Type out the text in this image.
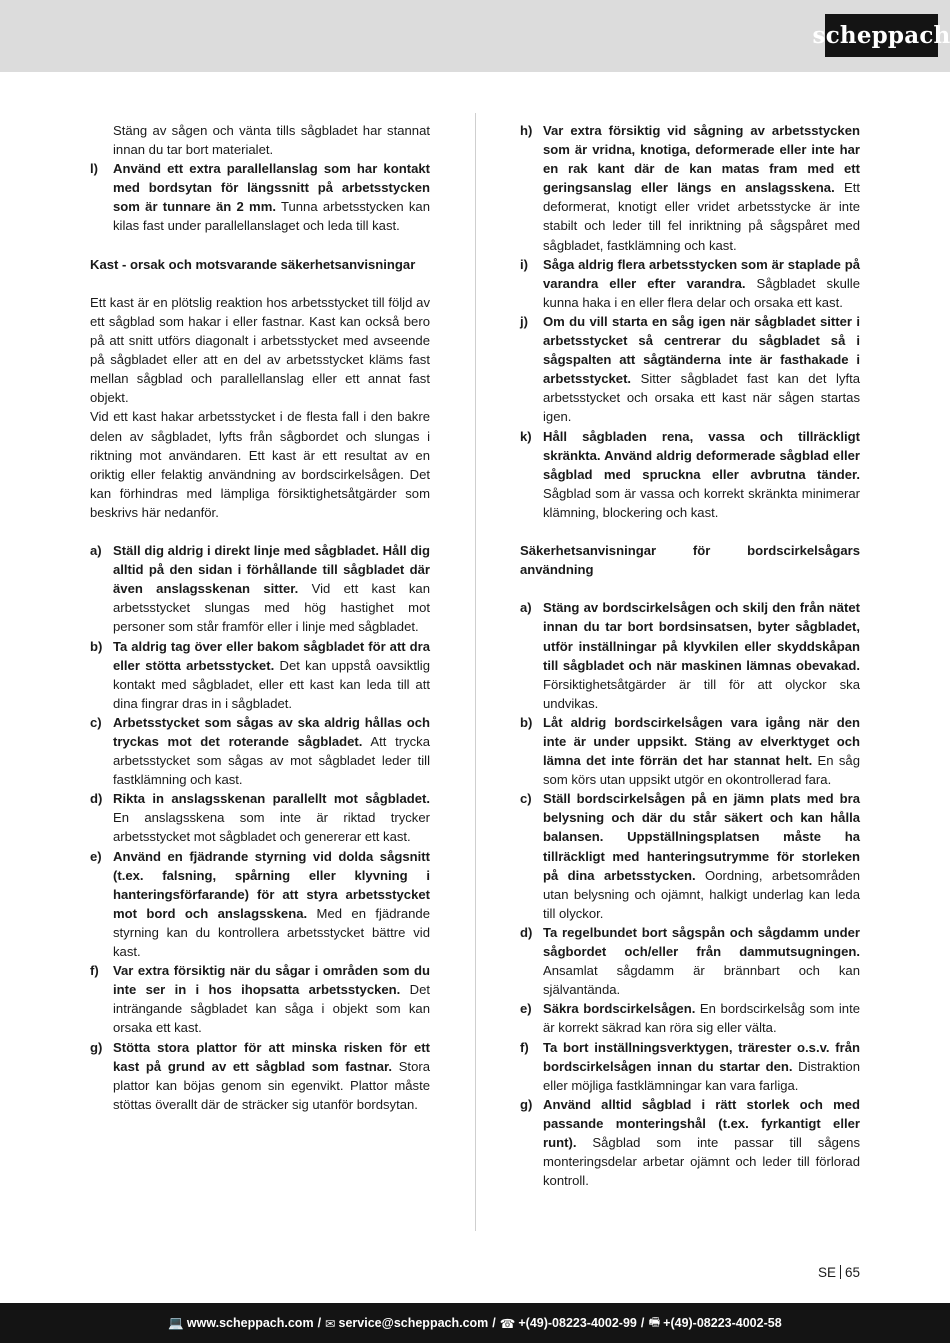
scheppach

Stäng av sågen och vänta tills sågbladet har stannat innan du tar bort materialet.

l) Använd ett extra parallellanslag som har kontakt med bordsytan för längssnitt på arbetsstycken som är tunnare än 2 mm. Tunna arbetsstycken kan kilas fast under parallellanslaget och leda till kast.

Kast - orsak och motsvarande säkerhetsanvisningar

Ett kast är en plötslig reaktion hos arbetsstycket till följd av ett sågblad som hakar i eller fastnar. Kast kan också bero på att snitt utförs diagonalt i arbetsstycket med avseende på sågbladet eller att en del av arbetsstycket kläms fast mellan sågblad och parallellanslag eller ett annat fast objekt.

Vid ett kast hakar arbetsstycket i de flesta fall i den bakre delen av sågbladet, lyfts från sågbordet och slungas i riktning mot användaren. Ett kast är ett resultat av en oriktig eller felaktig användning av bordscirkelsågen. Det kan förhindras med lämpliga försiktighetsåtgärder som beskrivs här nedanför.

a) Ställ dig aldrig i direkt linje med sågbladet. Håll dig alltid på den sidan i förhållande till sågbladet där även anslagsskenan sitter. Vid ett kast kan arbetsstycket slungas med hög hastighet mot personer som står framför eller i linje med sågbladet.
b) Ta aldrig tag över eller bakom sågbladet för att dra eller stötta arbetsstycket. Det kan uppstå oavsiktlig kontakt med sågbladet, eller ett kast kan leda till att dina fingrar dras in i sågbladet.
c) Arbetsstycket som sågas av ska aldrig hållas och tryckas mot det roterande sågbladet. Att trycka arbetsstycket som sågas av mot sågbladet leder till fastklämning och kast.
d) Rikta in anslagsskenan parallellt mot sågbladet. En anslagsskena som inte är riktad trycker arbetsstycket mot sågbladet och genererar ett kast.
e) Använd en fjädrande styrning vid dolda sågsnitt (t.ex. falsning, spårning eller klyvning i hanteringsförfarande) för att styra arbetsstycket mot bord och anslagsskena. Med en fjädrande styrning kan du kontrollera arbetsstycket bättre vid kast.
f) Var extra försiktig när du sågar i områden som du inte ser in i hos ihopsatta arbetsstycken. Det inträngande sågbladet kan såga i objekt som kan orsaka ett kast.
g) Stötta stora plattor för att minska risken för ett kast på grund av ett sågblad som fastnar. Stora plattor kan böjas genom sin egenvikt. Plattor måste stöttas överallt där de sträcker sig utanför bordsytan.
h) Var extra försiktig vid sågning av arbetsstycken som är vridna, knotiga, deformerade eller inte har en rak kant där de kan matas fram med ett geringsanslag eller längs en anslagsskena. Ett deformerat, knotigt eller vridet arbetsstycke är inte stabilt och leder till fel inriktning på sågspåret med sågbladet, fastklämning och kast.
i) Såga aldrig flera arbetsstycken som är staplade på varandra eller efter varandra. Sågbladet skulle kunna haka i en eller flera delar och orsaka ett kast.
j) Om du vill starta en såg igen när sågbladet sitter i arbetsstycket så centrerar du sågbladet så i sågspalten att sågtänderna inte är fasthakade i arbetsstycket. Sitter sågbladet fast kan det lyfta arbetsstycket och orsaka ett kast när sågen startas igen.
k) Håll sågbladen rena, vassa och tillräckligt skränkta. Använd aldrig deformerade sågblad eller sågblad med spruckna eller avbrutna tänder. Sågblad som är vassa och korrekt skränkta minimerar klämning, blockering och kast.

Säkerhetsanvisningar för bordscirkelsågars användning

a) Stäng av bordscirkelsågen och skilj den från nätet innan du tar bort bordsinsatsen, byter sågbladet, utför inställningar på klyvkilen eller skyddskåpan till sågbladet och när maskinen lämnas obevakad. Försiktighetsåtgärder är till för att olyckor ska undvikas.
b) Låt aldrig bordscirkelsågen vara igång när den inte är under uppsikt. Stäng av elverktyget och lämna det inte förrän det har stannat helt. En såg som körs utan uppsikt utgör en okontrollerad fara.
c) Ställ bordscirkelsågen på en jämn plats med bra belysning och där du står säkert och kan hålla balansen. Uppställningsplatsen måste ha tillräckligt med hanteringsutrymme för storleken på dina arbetsstycken. Oordning, arbetsområden utan belysning och ojämnt, halkigt underlag kan leda till olyckor.
d) Ta regelbundet bort sågspån och sågdamm under sågbordet och/eller från dammutsugningen. Ansamlat sågdamm är brännbart och kan självantända.
e) Säkra bordscirkelsågen. En bordscirkelsåg som inte är korrekt säkrad kan röra sig eller välta.
f) Ta bort inställningsverktygen, trärester o.s.v. från bordscirkelsågen innan du startar den. Distraktion eller möjliga fastklämningar kan vara farliga.
g) Använd alltid sågblad i rätt storlek och med passande monteringshål (t.ex. fyrkantigt eller runt). Sågblad som inte passar till sågens monteringsdelar arbetar ojämnt och leder till förlorad kontroll.
SE 65
💻 www.scheppach.com / ✉ service@scheppach.com / ☎ +(49)-08223-4002-99 / 🖷 +(49)-08223-4002-58
